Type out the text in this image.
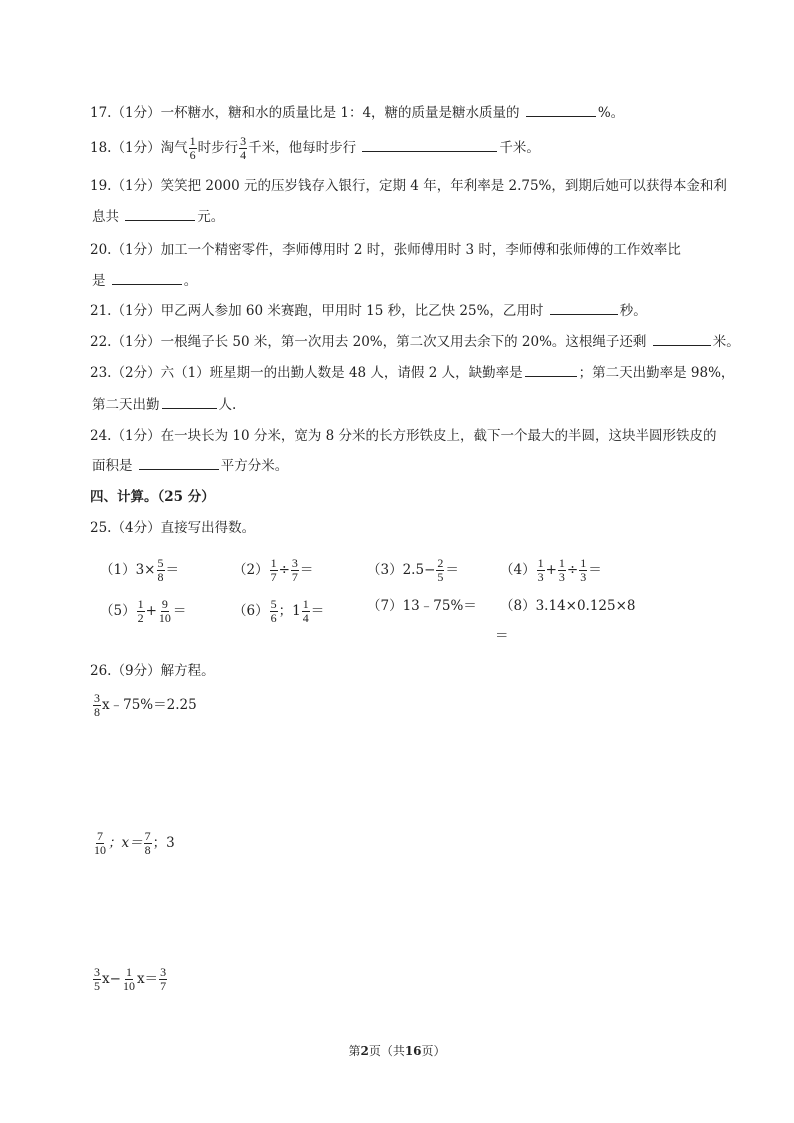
17.（1分）一杯糖水，糖和水的质量比是 1：4，糖的质量是糖水质量的	%。
18.（1分）淘气 $\frac{1}{6}$ 时步行 $\frac{3}{4}$ 千米，他每时步行	千米。
19.（1分）笑笑把 2000 元的压岁钱存入银行，定期 4 年，年利率是 2.75%，到期后她可以获得本金和利
息共	元。
20.（1分）加工一个精密零件，李师傅用时 2 时，张师傅用时 3 时，李师傅和张师傅的工作效率比
是	。
21.（1分）甲乙两人参加 60 米赛跑，甲用时 15 秒，比乙快 25%，乙用时	秒。
22.（1分）一根绳子长 50 米，第一次用去 20%，第二次又用去余下的 20%。这根绳子还剩	米。
23.（2分）六（1）班星期一的出勤人数是 48 人，请假 2 人，缺勤率是	；第二天出勤率是 98%，
第二天出勤	人.
24.（1分）在一块长为 10 分米，宽为 8 分米的长方形铁皮上，截下一个最大的半圆，这块半圆形铁皮的
面积是	平方分米。
四、计算。（25 分）
25.（4分）直接写出得数。
$(1)3\times \frac{5}{8}$ ＝	$(2) \frac{1}{7} \div \frac{3}{7}$ ＝	$(3)2.5- \frac{2}{5}$ ＝	$(4) \frac{1}{3} + \frac{1}{3} \div \frac{1}{3}$ ＝
$(5) \frac{1}{2} + \frac{9}{10}$ ＝	$(6) \frac{5}{6}$ ；$1 \frac{1}{4}$ ＝	（7）13﹣75%＝ （8）3.14×0.125×8
＝
26.（9分）解方程。
$\frac{3}{8}$ x﹣75%＝2.25
$\frac{7}{10}$ ；$x= \frac{7}{8}$ ；3
$\frac{3}{5} x- \frac{1}{10} x= \frac{3}{7}$
第2页（共16页）
